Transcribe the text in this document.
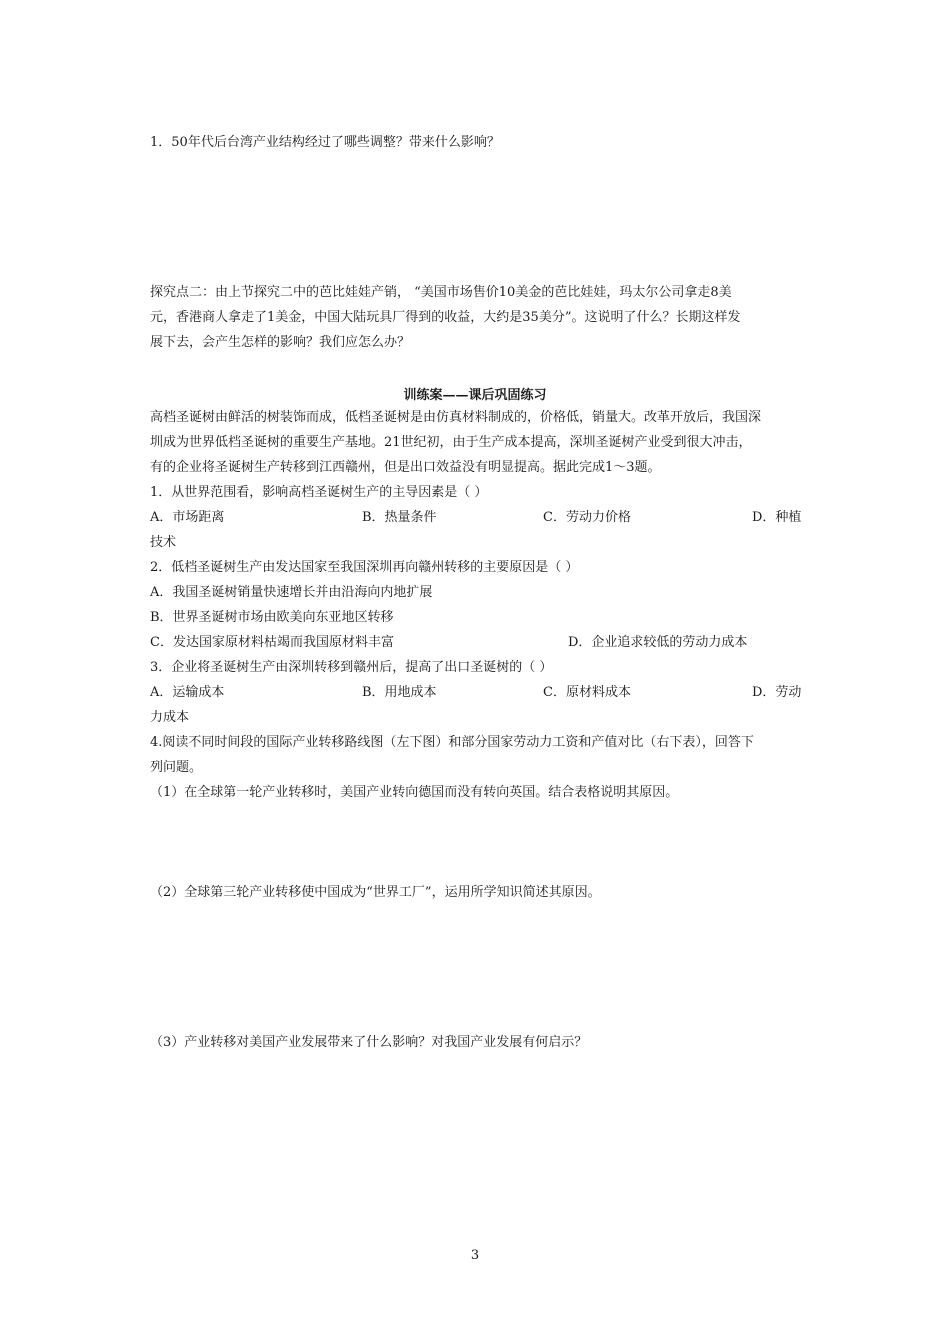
1．50年代后台湾产业结构经过了哪些调整？带来什么影响？
探究点二：由上节探究二中的芭比娃娃产销， “美国市场售价10美金的芭比娃娃，玛太尔公司拿走8美
元，香港商人拿走了1美金，中国大陆玩具厂得到的收益，大约是35美分”。这说明了什么？长期这样发
展下去，会产生怎样的影响？我们应怎么办？
训练案——课后巩固练习
高档圣诞树由鲜活的树装饰而成，低档圣诞树是由仿真材料制成的，价格低，销量大。改革开放后，我国深
圳成为世界低档圣诞树的重要生产基地。21世纪初，由于生产成本提高，深圳圣诞树产业受到很大冲击，
有的企业将圣诞树生产转移到江西赣州，但是出口效益没有明显提高。据此完成1～3题。
1．从世界范围看，影响高档圣诞树生产的主导因素是（ ）
A．市场距离	B．热量条件	C．劳动力价格	D．种植
技术
2．低档圣诞树生产由发达国家至我国深圳再向赣州转移的主要原因是（ ）
A．我国圣诞树销量快速增长并由沿海向内地扩展
B．世界圣诞树市场由欧美向东亚地区转移
C．发达国家原材料枯竭而我国原材料丰富	D．企业追求较低的劳动力成本
3．企业将圣诞树生产由深圳转移到赣州后，提高了出口圣诞树的（ ）
A．运输成本	B．用地成本	C．原材料成本	D．劳动
力成本
4.阅读不同时间段的国际产业转移路线图（左下图）和部分国家劳动力工资和产值对比（右下表），回答下
列问题。
（1）在全球第一轮产业转移时，美国产业转向德国而没有转向英国。结合表格说明其原因。
（2）全球第三轮产业转移使中国成为“世界工厂”，运用所学知识简述其原因。
（3）产业转移对美国产业发展带来了什么影响？对我国产业发展有何启示？
3
